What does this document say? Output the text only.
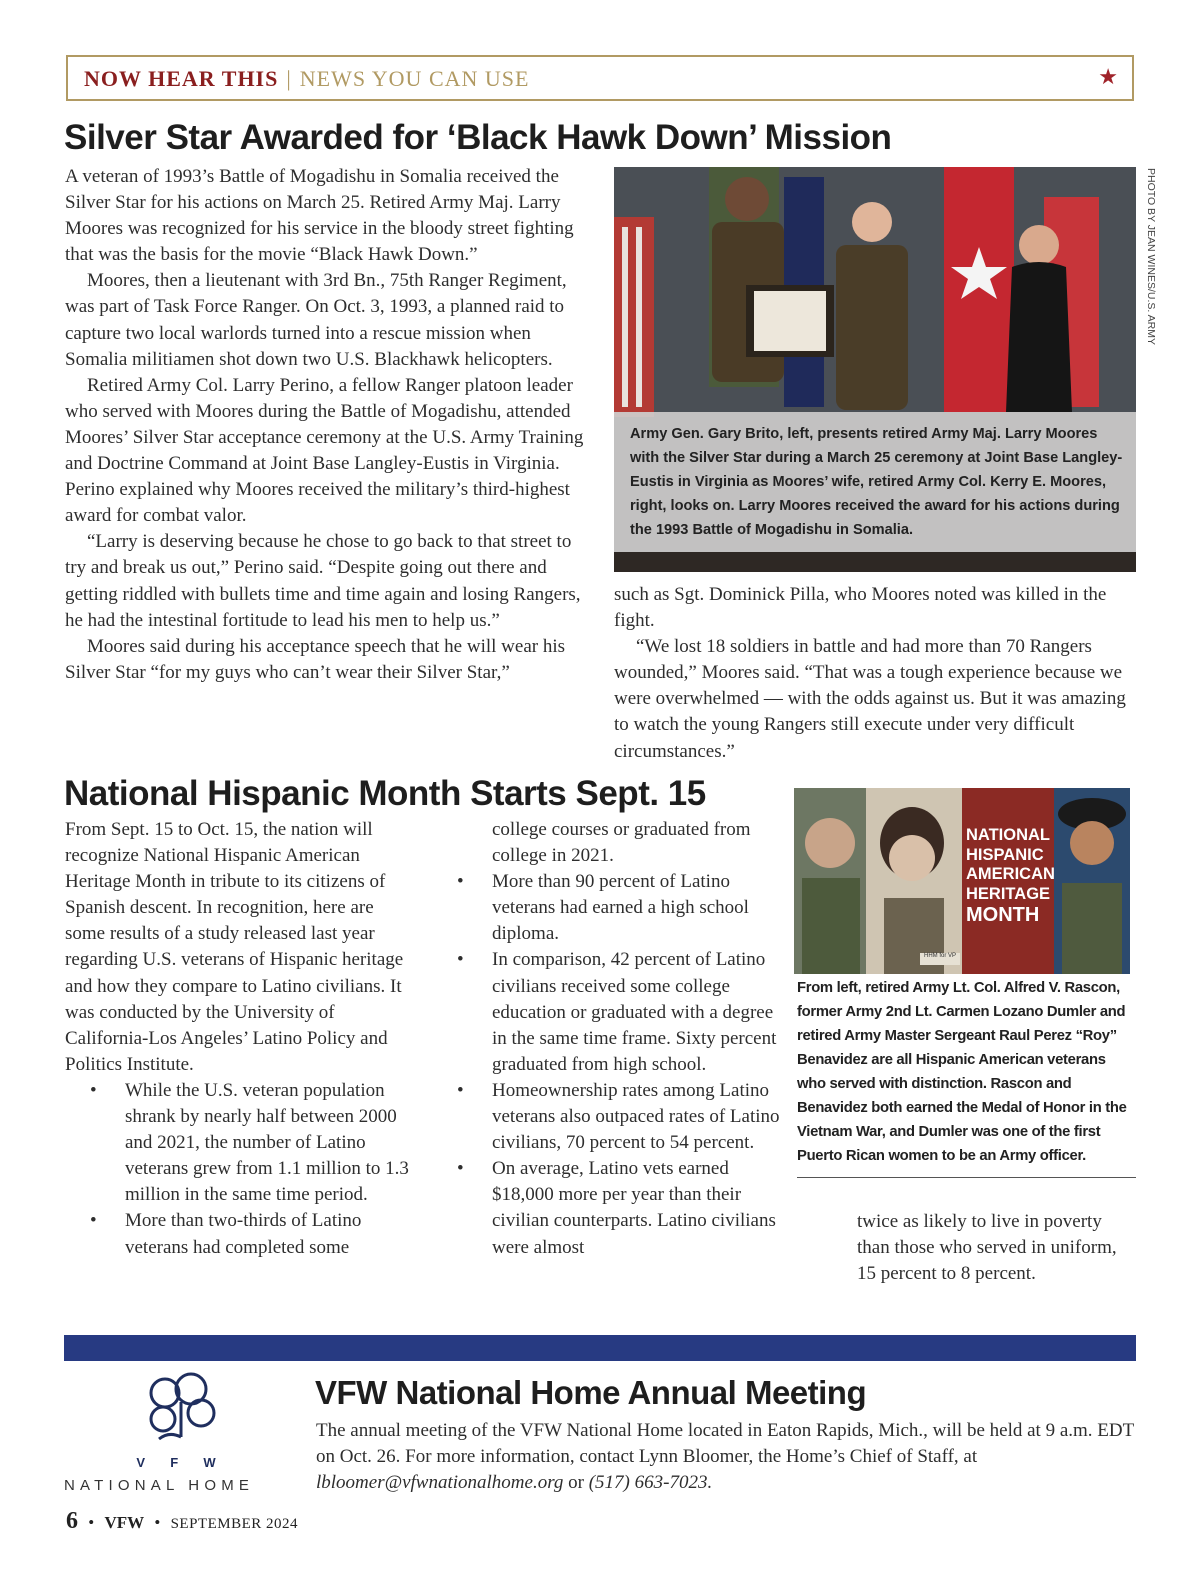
NOW HEAR THIS | NEWS YOU CAN USE	★
Silver Star Awarded for ‘Black Hawk Down’ Mission

A veteran of 1993’s Battle of Mogadishu in Somalia received the Silver Star for his actions on March 25. Retired Army Maj. Larry Moores was recognized for his service in the bloody street fighting that was the basis for the movie “Black Hawk Down.”

Moores, then a lieutenant with 3rd Bn., 75th Ranger Regiment, was part of Task Force Ranger. On Oct. 3, 1993, a planned raid to capture two local warlords turned into a rescue mission when Somalia militiamen shot down two U.S. Blackhawk helicopters.

Retired Army Col. Larry Perino, a fellow Ranger platoon leader who served with Moores during the Battle of Mogadishu, attended Moores’ Silver Star acceptance ceremony at the U.S. Army Training and Doctrine Command at Joint Base Langley-Eustis in Virginia. Perino explained why Moores received the military’s third-highest award for combat valor.

“Larry is deserving because he chose to go back to that street to try and break us out,” Perino said. “Despite going out there and getting riddled with bullets time and time again and losing Rangers, he had the intestinal fortitude to lead his men to help us.”

Moores said during his acceptance speech that he will wear his Silver Star “for my guys who can’t wear their Silver Star,”

Army Gen. Gary Brito, left, presents retired Army Maj. Larry Moores with the Silver Star during a March 25 ceremony at Joint Base Langley-Eustis in Virginia as Moores’ wife, retired Army Col. Kerry E. Moores, right, looks on. Larry Moores received the award for his actions during the 1993 Battle of Mogadishu in Somalia.
PHOTO BY JEAN WINES/U.S. ARMY

such as Sgt. Dominick Pilla, who Moores noted was killed in the fight.

“We lost 18 soldiers in battle and had more than 70 Rangers wounded,” Moores said. “That was a tough experience because we were overwhelmed — with the odds against us. But it was amazing to watch the young Rangers still execute under very difficult circumstances.”

National Hispanic Month Starts Sept. 15

From Sept. 15 to Oct. 15, the nation will recognize National Hispanic American Heritage Month in tribute to its citizens of Spanish descent. In recognition, here are some results of a study released last year regarding U.S. veterans of Hispanic heritage and how they compare to Latino civilians. It was conducted by the University of California-Los Angeles’ Latino Policy and Politics Institute.

• While the U.S. veteran population shrank by nearly half between 2000 and 2021, the number of Latino veterans grew from 1.1 million to 1.3 million in the same time period.
• More than two-thirds of Latino veterans had completed some

college courses or graduated from college in 2021.

• More than 90 percent of Latino veterans had earned a high school diploma.
• In comparison, 42 percent of Latino civilians received some college education or graduated with a degree in the same time frame. Sixty percent graduated from high school.
• Homeownership rates among Latino veterans also outpaced rates of Latino civilians, 70 percent to 54 percent.
• On average, Latino vets earned $18,000 more per year than their civilian counterparts. Latino civilians were almost
NATIONAL
HISPANIC
AMERICAN
HERITAGE
MONTH
HHM for VP
From left, retired Army Lt. Col. Alfred V. Rascon, former Army 2nd Lt. Carmen Lozano Dumler and retired Army Master Sergeant Raul Perez “Roy” Benavidez are all Hispanic American veterans who served with distinction. Rascon and Benavidez both earned the Medal of Honor in the Vietnam War, and Dumler was one of the first Puerto Rican women to be an Army officer.

twice as likely to live in poverty than those who served in uniform, 15 percent to 8 percent.

V  F  W
NATIONAL HOME
VFW National Home Annual Meeting

The annual meeting of the VFW National Home located in Eaton Rapids, Mich., will be held at 9 a.m. EDT on Oct. 26. For more information, contact Lynn Bloomer, the Home’s Chief of Staff, at lbloomer@vfwnationalhome.org or (517) 663-7023.

6 • VFW • SEPTEMBER 2024
